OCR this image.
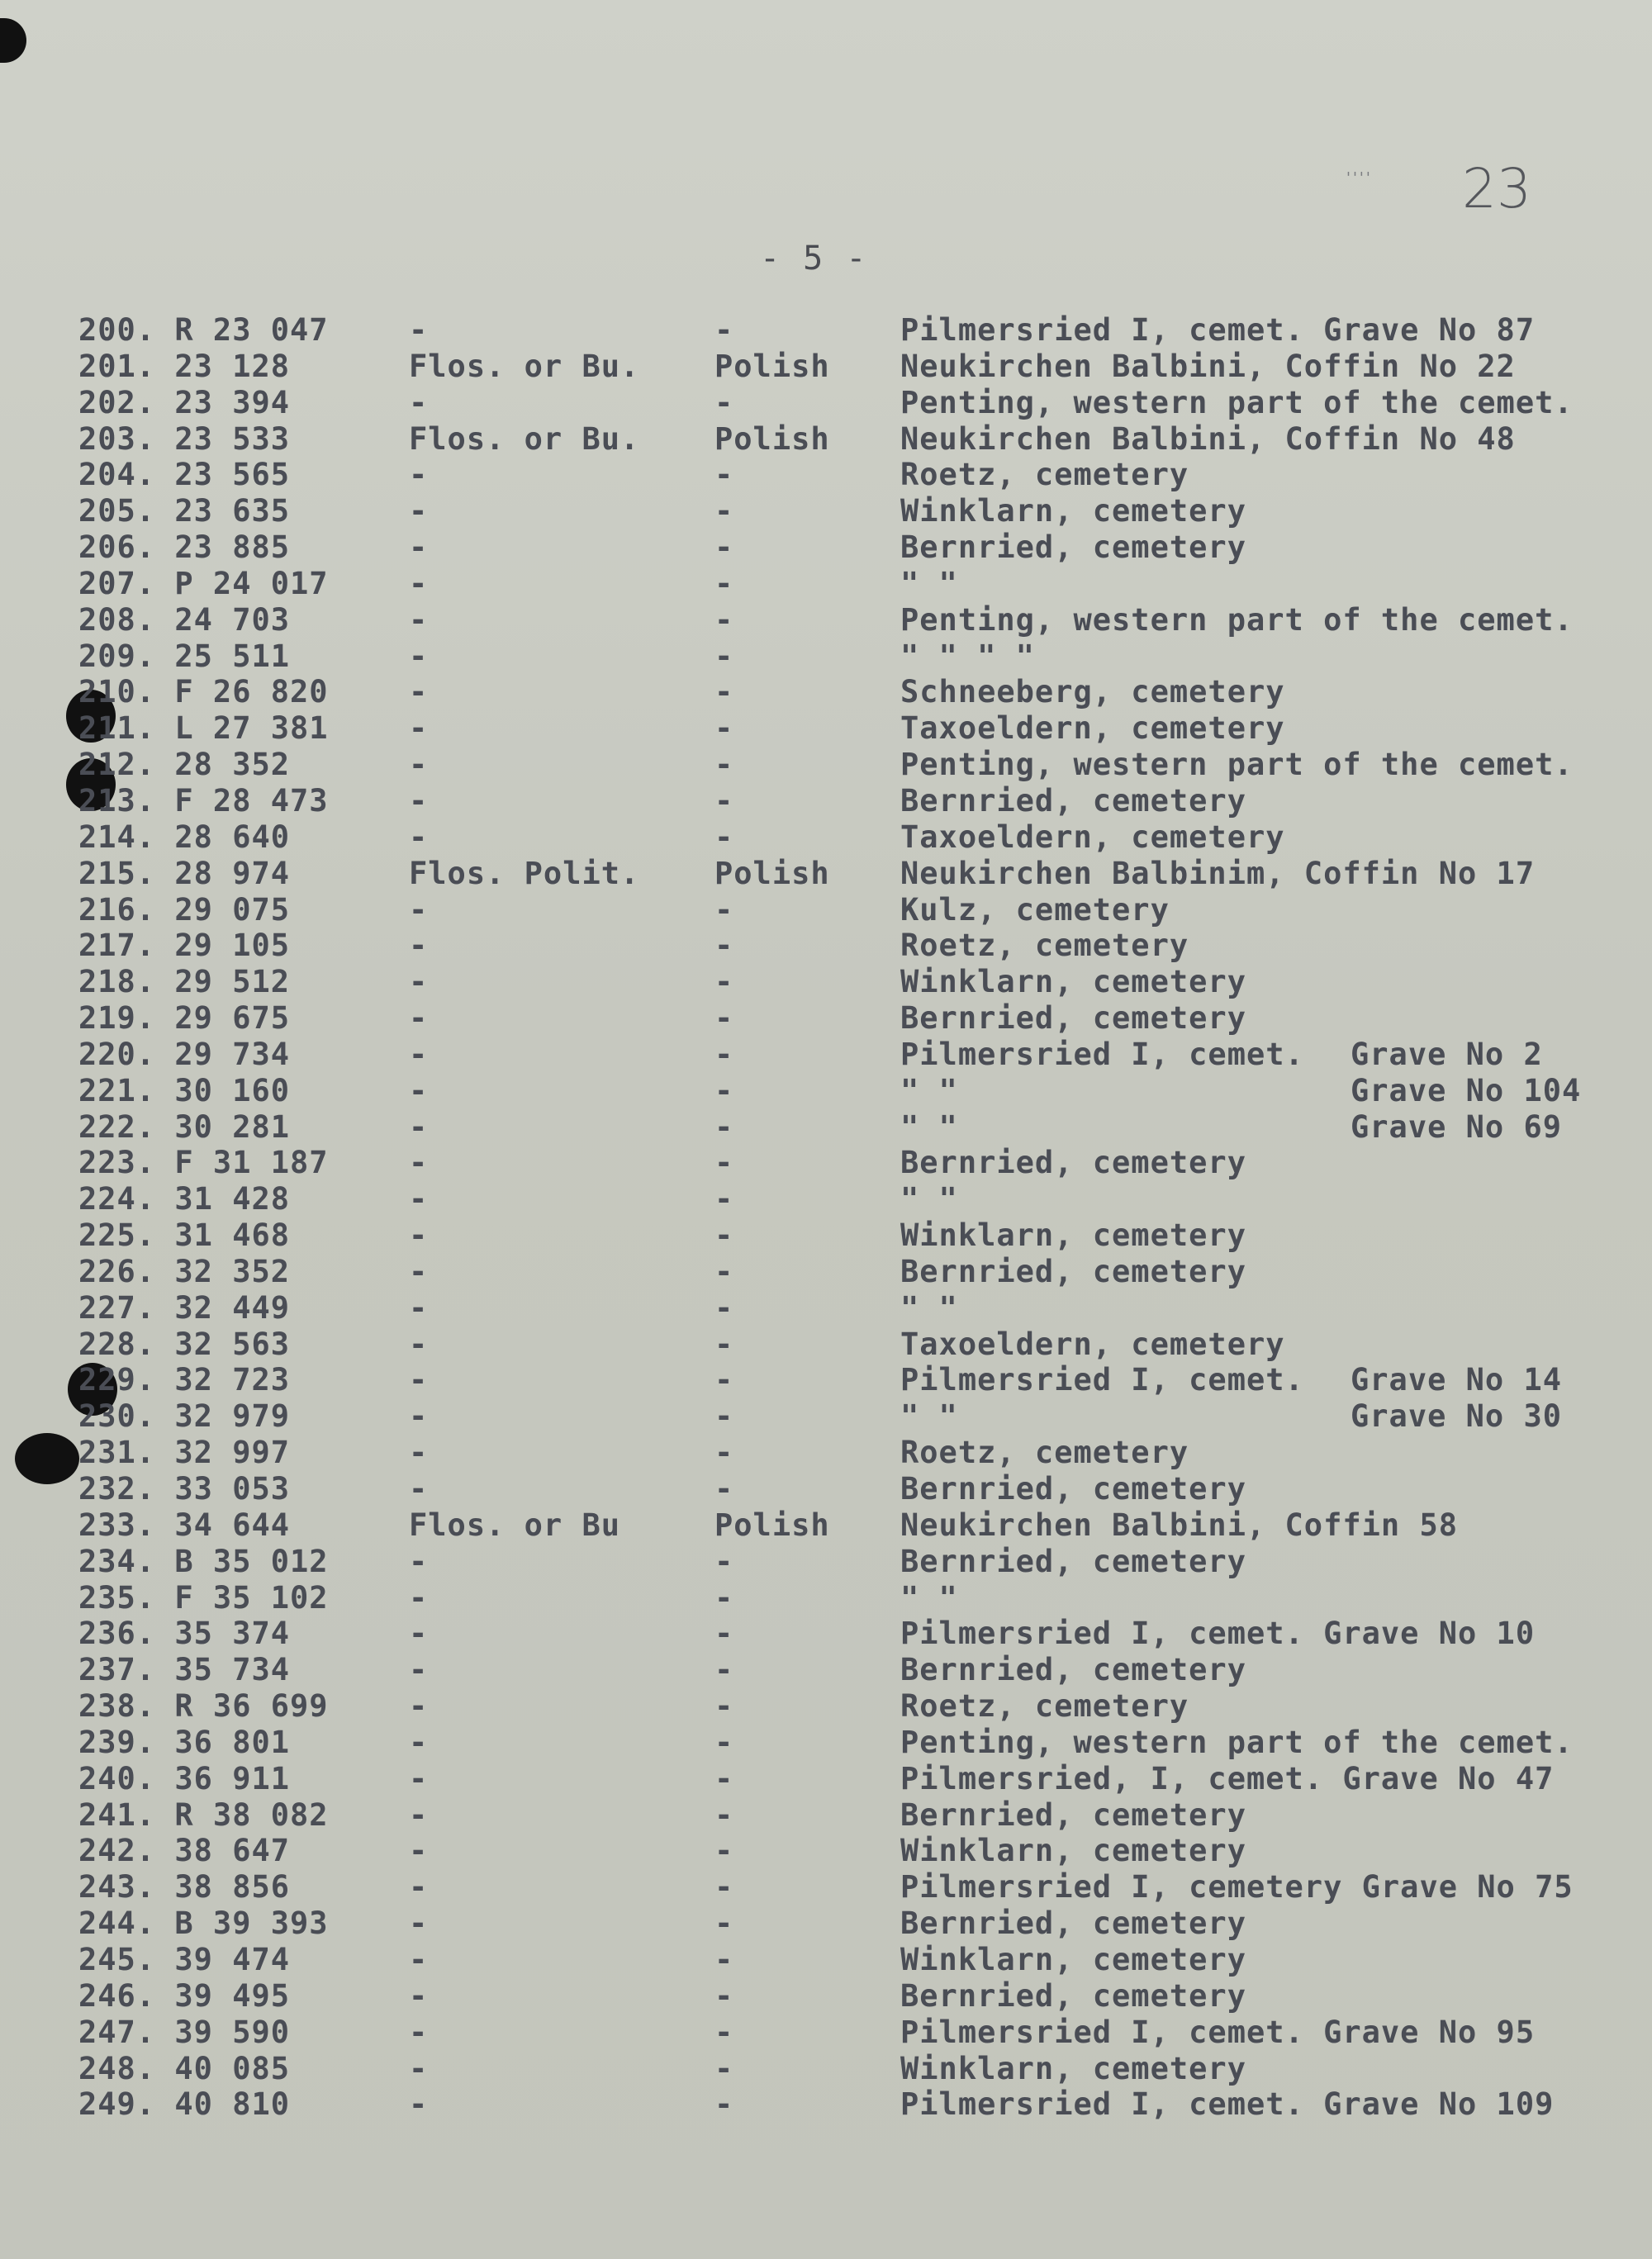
'''' 23
- 5 -
200. R 23 047	-	-	Pilmersried I, cemet. Grave No 87
201. 23 128	Flos. or Bu.	Polish	Neukirchen Balbini, Coffin No 22
202. 23 394	-	-	Penting, western part of the cemet.
203. 23 533	Flos. or Bu.	Polish	Neukirchen Balbini, Coffin No 48
204. 23 565	-	-	Roetz, cemetery
205. 23 635	-	-	Winklarn, cemetery
206. 23 885	-	-	Bernried, cemetery
207. P 24 017	-	-	" "
208. 24 703	-	-	Penting, western part of the cemet.
209. 25 511	-	-	" " " "
210. F 26 820	-	-	Schneeberg, cemetery
211. L 27 381	-	-	Taxoeldern, cemetery
212. 28 352	-	-	Penting, western part of the cemet.
213. F 28 473	-	-	Bernried, cemetery
214. 28 640	-	-	Taxoeldern, cemetery
215. 28 974	Flos. Polit.	Polish	Neukirchen Balbinim, Coffin No 17
216. 29 075	-	-	Kulz, cemetery
217. 29 105	-	-	Roetz, cemetery
218. 29 512	-	-	Winklarn, cemetery
219. 29 675	-	-	Bernried, cemetery
220. 29 734	-	-	Pilmersried I, cemet.	Grave No 2
221. 30 160	-	-	" "	Grave No 104
222. 30 281	-	-	" "	Grave No 69
223. F 31 187	-	-	Bernried, cemetery
224. 31 428	-	-	" "
225. 31 468	-	-	Winklarn, cemetery
226. 32 352	-	-	Bernried, cemetery
227. 32 449	-	-	" "
228. 32 563	-	-	Taxoeldern, cemetery
229. 32 723	-	-	Pilmersried I, cemet.	Grave No 14
230. 32 979	-	-	" "	Grave No 30
231. 32 997	-	-	Roetz, cemetery
232. 33 053	-	-	Bernried, cemetery
233. 34 644	Flos. or Bu	Polish	Neukirchen Balbini, Coffin 58
234. B 35 012	-	-	Bernried, cemetery
235. F 35 102	-	-	" "
236. 35 374	-	-	Pilmersried I, cemet. Grave No 10
237. 35 734	-	-	Bernried, cemetery
238. R 36 699	-	-	Roetz, cemetery
239. 36 801	-	-	Penting, western part of the cemet.
240. 36 911	-	-	Pilmersried, I, cemet. Grave No 47
241. R 38 082	-	-	Bernried, cemetery
242. 38 647	-	-	Winklarn, cemetery
243. 38 856	-	-	Pilmersried I, cemetery Grave No 75
244. B 39 393	-	-	Bernried, cemetery
245. 39 474	-	-	Winklarn, cemetery
246. 39 495	-	-	Bernried, cemetery
247. 39 590	-	-	Pilmersried I, cemet. Grave No 95
248. 40 085	-	-	Winklarn, cemetery
249. 40 810	-	-	Pilmersried I, cemet. Grave No 109
